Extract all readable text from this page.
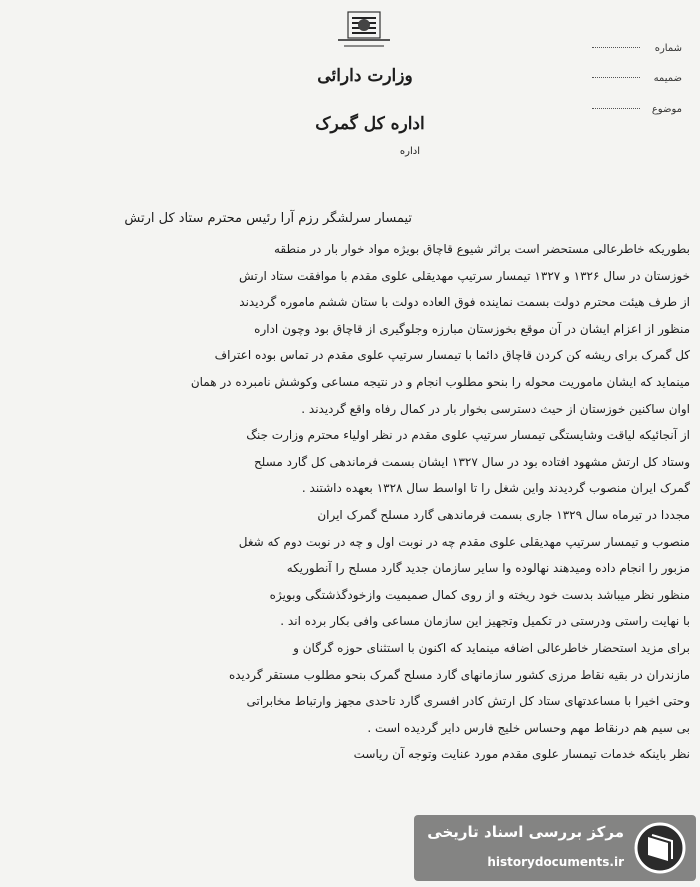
وزارت دارائی
اداره کل گمرک
اداره
شماره
ضمیمه
موضوع
تیمسار سرلشگر رزم آرا رئیس محترم ستاد کل ارتش
بطوریکه خاطرعالی مستحضر است براثر شیوع قاچاق بویژه مواد خوار بار در منطقه
خوزستان در سال ۱۳۲۶ و ۱۳۲۷ تیمسار سرتیپ مهدیقلی علوی مقدم با موافقت ستاد ارتش
از طرف هیئت محترم دولت بسمت نماینده فوق العاده دولت با ستان ششم ماموره گردیدند
منظور از اعزام ایشان در آن موقع بخوزستان مبارزه وجلوگیری از قاچاق بود وچون اداره
کل گمرک برای ریشه کن کردن قاچاق دائما با تیمسار سرتیپ علوی مقدم در تماس بوده اعتراف
مینماید که ایشان ماموریت محوله را بنحو مطلوب انجام و در نتیجه مساعی وکوشش نامبرده در همان
اوان ساکنین خوزستان از حیث دسترسی بخوار بار در کمال رفاه واقع گردیدند .
از آنجائیکه لیاقت وشایستگی تیمسار سرتیپ علوی مقدم در نظر اولیاء محترم وزارت جنگ
وستاد کل ارتش مشهود افتاده بود در سال ۱۳۲۷ ایشان بسمت فرماندهی کل گارد مسلح
گمرک ایران منصوب گردیدند واین شغل را تا اواسط سال ۱۳۲۸ بعهده داشتند .
مجددا در تیرماه سال ۱۳۲۹ جاری بسمت فرماندهی گارد مسلح گمرک ایران
منصوب و تیمسار سرتیپ مهدیقلی علوی مقدم چه در نوبت اول و چه در نوبت دوم که شغل
مزبور را انجام داده ومیدهند نهالوده وا سایر سازمان جدید گارد مسلح را آنطوریکه
منظور نظر میباشد بدست خود ریخته و از روی کمال صمیمیت وازخودگذشتگی وبویژه
با نهایت راستی ودرستی در تکمیل وتجهیز این سازمان مساعی وافی بکار برده اند .
برای مزید استحضار خاطرعالی اضافه مینماید که اکنون با استثنای حوزه گرگان و
مازندران در بقیه نقاط مرزی کشور سازمانهای گارد مسلح گمرک بنحو مطلوب مستقر گردیده
وحتی اخیرا با مساعدتهای ستاد کل ارتش کادر افسری گارد تاحدی مجهز وارتباط مخابراتی
بی سیم هم درنقاط مهم وحساس خلیج فارس دایر گردیده است .
نظر باینکه خدمات تیمسار علوی مقدم مورد عنایت وتوجه آن ریاست
مرکز بررسی اسناد تاریخی
historydocuments.ir
